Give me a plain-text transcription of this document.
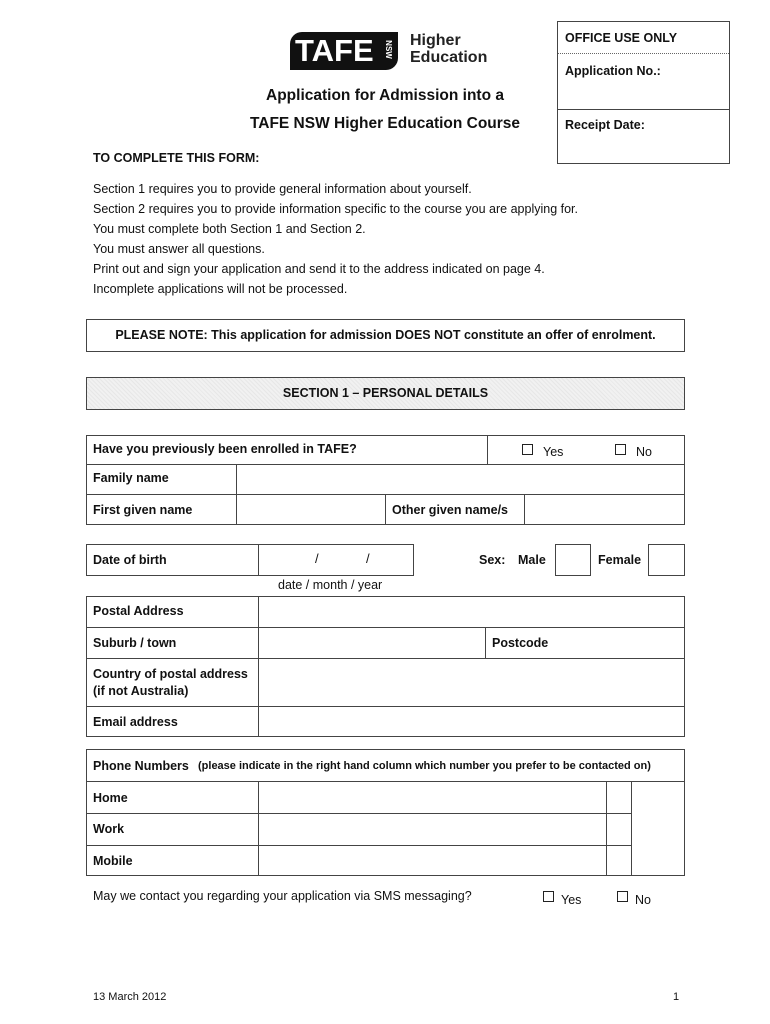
TAFE NSW Higher
Education
OFFICE USE ONLY
Application No.:
Receipt Date:
Application for Admission into a
TAFE NSW Higher Education Course
TO COMPLETE THIS FORM:
Section 1 requires you to provide general information about yourself.
Section 2 requires you to provide information specific to the course you are applying for.
You must complete both Section 1 and Section 2.
You must answer all questions.
Print out and sign your application and send it to the address indicated on page 4.
Incomplete applications will not be processed.
PLEASE NOTE: This application for admission DOES NOT constitute an offer of enrolment.
SECTION 1 – PERSONAL DETAILS
Have you previously been enrolled in TAFE?	Yes	No
Family name
First given name	Other given name/s
Date of birth	/	/
date / month / year
Sex: Male	Female
Postal Address
Suburb / town	Postcode
Country of postal address
(if not Australia)
Email address
Phone Numbers (please indicate in the right hand column which number you prefer to be contacted on)
Home
Work
Mobile
May we contact you regarding your application via SMS messaging?	Yes	No
13 March 2012	1
